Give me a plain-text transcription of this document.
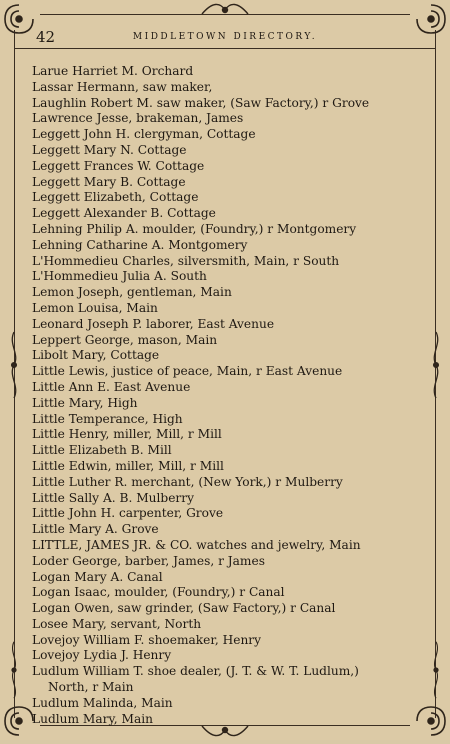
42	MIDDLETOWN DIRECTORY.
Larue Harriet M. Orchard
Lassar Hermann, saw maker,
Laughlin Robert M. saw maker, (Saw Factory,) r Grove
Lawrence Jesse, brakeman, James
Leggett John H. clergyman, Cottage
Leggett Mary N. Cottage
Leggett Frances W. Cottage
Leggett Mary B. Cottage
Leggett Elizabeth, Cottage
Leggett Alexander B. Cottage
Lehning Philip A. moulder, (Foundry,) r Montgomery
Lehning Catharine A. Montgomery
L'Hommedieu Charles, silversmith, Main, r South
L'Hommedieu Julia A. South
Lemon Joseph, gentleman, Main
Lemon Louisa, Main
Leonard Joseph P. laborer, East Avenue
Leppert George, mason, Main
Libolt Mary, Cottage
Little Lewis, justice of peace, Main, r East Avenue
Little Ann E. East Avenue
Little Mary, High
Little Temperance, High
Little Henry, miller, Mill, r Mill
Little Elizabeth B. Mill
Little Edwin, miller, Mill, r Mill
Little Luther R. merchant, (New York,) r Mulberry
Little Sally A. B. Mulberry
Little John H. carpenter, Grove
Little Mary A. Grove
LITTLE, JAMES JR. & CO. watches and jewelry, Main
Loder George, barber, James, r James
Logan Mary A. Canal
Logan Isaac, moulder, (Foundry,) r Canal
Logan Owen, saw grinder, (Saw Factory,) r Canal
Losee Mary, servant, North
Lovejoy William F. shoemaker, Henry
Lovejoy Lydia J. Henry
Ludlum William T. shoe dealer, (J. T. & W. T. Ludlum,)
North, r Main
Ludlum Malinda, Main
Ludlum Mary, Main
